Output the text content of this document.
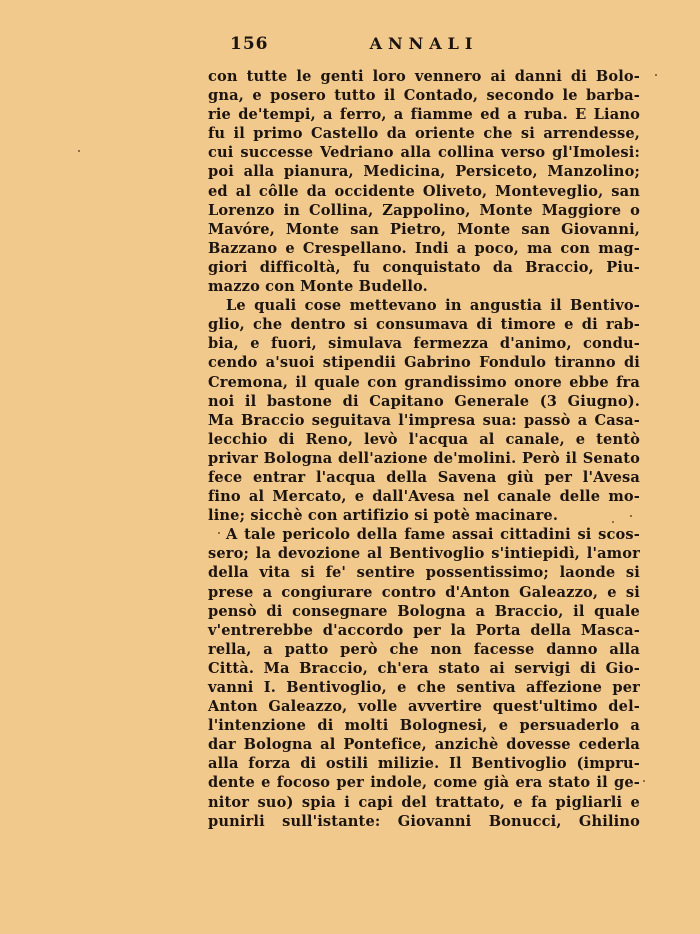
156	ANNALI
con tutte le genti loro vennero ai danni di Bolo-
gna, e posero tutto il Contado, secondo le barba-
rie de'tempi, a ferro, a fiamme ed a ruba. E Liano
fu il primo Castello da oriente che si arrendesse,
cui successe Vedriano alla collina verso gl'Imolesi:
poi alla pianura, Medicina, Persiceto, Manzolino;
ed al côlle da occidente Oliveto, Monteveglio, san
Lorenzo in Collina, Zappolino, Monte Maggiore o
Mavóre, Monte san Pietro, Monte san Giovanni,
Bazzano e Crespellano. Indi a poco, ma con mag-
giori difficoltà, fu conquistato da Braccio, Piu-
mazzo con Monte Budello.
Le quali cose mettevano in angustia il Bentivo-
glio, che dentro si consumava di timore e di rab-
bia, e fuori, simulava fermezza d'animo, condu-
cendo a'suoi stipendii Gabrino Fondulo tiranno di
Cremona, il quale con grandissimo onore ebbe fra
noi il bastone di Capitano Generale (3 Giugno).
Ma Braccio seguitava l'impresa sua: passò a Casa-
lecchio di Reno, levò l'acqua al canale, e tentò
privar Bologna dell'azione de'molini. Però il Senato
fece entrar l'acqua della Savena giù per l'Avesa
fino al Mercato, e dall'Avesa nel canale delle mo-
line; sicchè con artifizio si potè macinare.
A tale pericolo della fame assai cittadini si scos-
sero; la devozione al Bentivoglio s'intiepidì, l'amor
della vita si fe' sentire possentissimo; laonde si
prese a congiurare contro d'Anton Galeazzo, e si
pensò di consegnare Bologna a Braccio, il quale
v'entrerebbe d'accordo per la Porta della Masca-
rella, a patto però che non facesse danno alla
Città. Ma Braccio, ch'era stato ai servigi di Gio-
vanni I. Bentivoglio, e che sentiva affezione per
Anton Galeazzo, volle avvertire quest'ultimo del-
l'intenzione di molti Bolognesi, e persuaderlo a
dar Bologna al Pontefice, anzichè dovesse cederla
alla forza di ostili milizie. Il Bentivoglio (impru-
dente e focoso per indole, come già era stato il ge-
nitor suo) spia i capi del trattato, e fa pigliarli e
punirli sull'istante: Giovanni Bonucci, Ghilino
